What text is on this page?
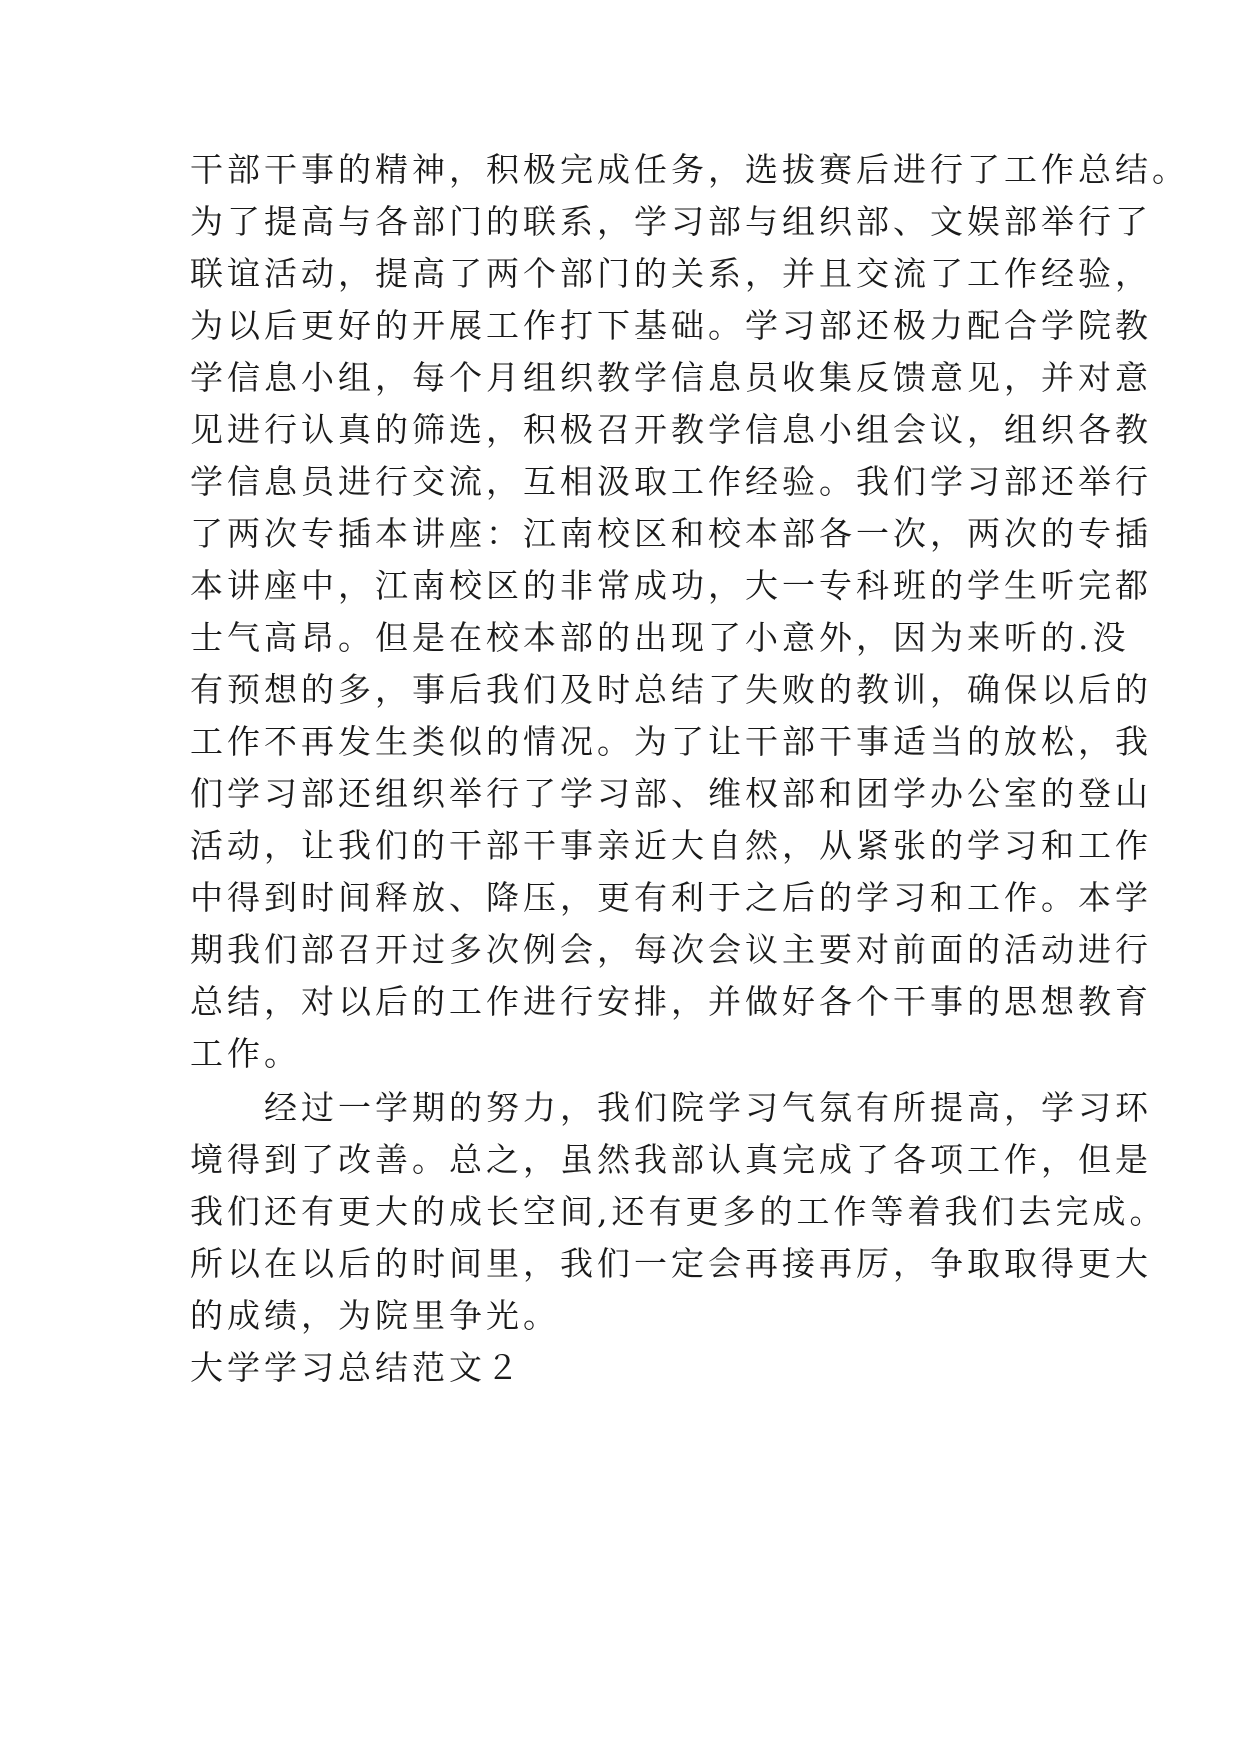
干部干事的精神，积极完成任务，选拔赛后进行了工作总结。
为了提高与各部门的联系，学习部与组织部、文娱部举行了
联谊活动，提高了两个部门的关系，并且交流了工作经验，
为以后更好的开展工作打下基础。学习部还极力配合学院教
学信息小组，每个月组织教学信息员收集反馈意见，并对意
见进行认真的筛选，积极召开教学信息小组会议，组织各教
学信息员进行交流，互相汲取工作经验。我们学习部还举行
了两次专插本讲座：江南校区和校本部各一次，两次的专插
本讲座中，江南校区的非常成功，大一专科班的学生听完都
士气高昂。但是在校本部的出现了小意外，因为来听的.没
有预想的多，事后我们及时总结了失败的教训，确保以后的
工作不再发生类似的情况。为了让干部干事适当的放松，我
们学习部还组织举行了学习部、维权部和团学办公室的登山
活动，让我们的干部干事亲近大自然，从紧张的学习和工作
中得到时间释放、降压，更有利于之后的学习和工作。本学
期我们部召开过多次例会，每次会议主要对前面的活动进行
总结，对以后的工作进行安排，并做好各个干事的思想教育
工作。
　　经过一学期的努力，我们院学习气氛有所提高，学习环
境得到了改善。总之，虽然我部认真完成了各项工作，但是
我们还有更大的成长空间,还有更多的工作等着我们去完成。
所以在以后的时间里，我们一定会再接再厉，争取取得更大
的成绩，为院里争光。
大学学习总结范文２
